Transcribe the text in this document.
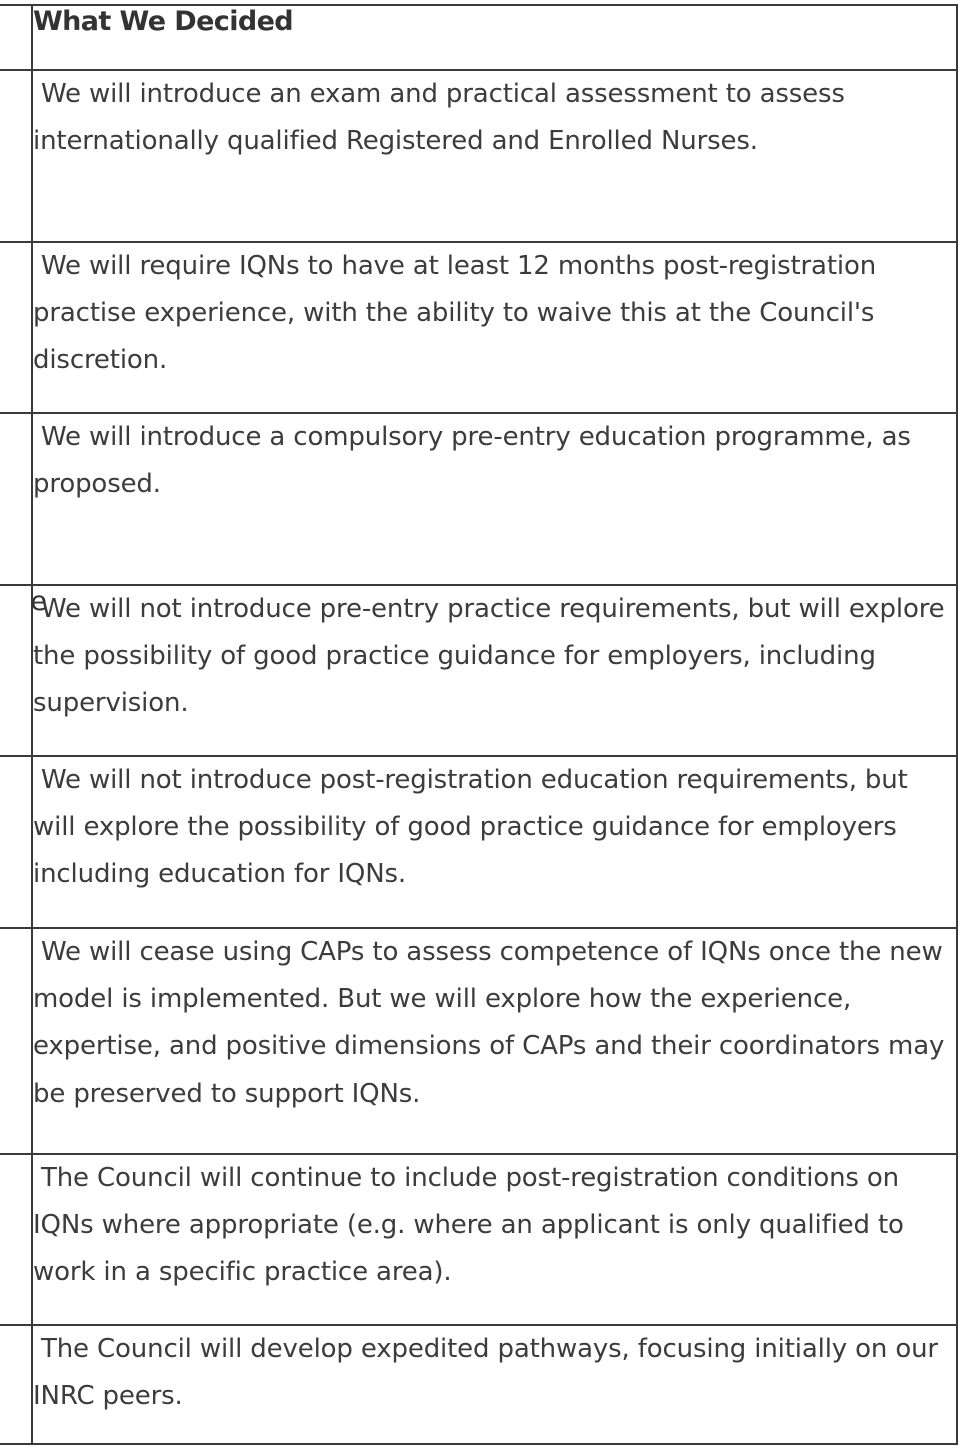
	What We Decided

	We will introduce an exam and practical assessment to assess internationally qualified Registered and Enrolled Nurses.

	We will require IQNs to have at least 12 months post-registration practise experience, with the ability to waive this at the Council's discretion.

	We will introduce a compulsory pre-entry education programme, as proposed.

e	We will not introduce pre-entry practice requirements, but will explore the possibility of good practice guidance for employers, including supervision.

	We will not introduce post-registration education requirements, but will explore the possibility of good practice guidance for employers including education for IQNs.

	We will cease using CAPs to assess competence of IQNs once the new model is implemented. But we will explore how the experience, expertise, and positive dimensions of CAPs and their coordinators may be preserved to support IQNs.

	The Council will continue to include post-registration conditions on IQNs where appropriate (e.g. where an applicant is only qualified to work in a specific practice area).

	The Council will develop expedited pathways, focusing initially on our INRC peers.
